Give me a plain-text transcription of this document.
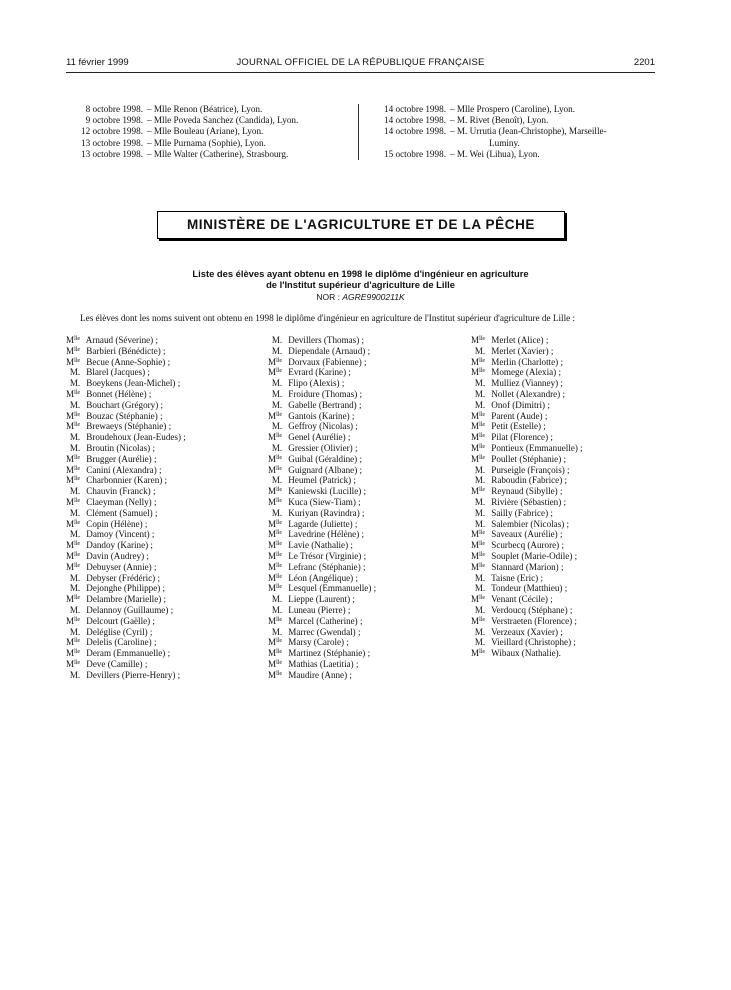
11 février 1999	JOURNAL OFFICIEL DE LA RÉPUBLIQUE FRANÇAISE	2201
8 octobre 1998. – Mlle Renon (Béatrice), Lyon.
9 octobre 1998. – Mlle Poveda Sanchez (Candida), Lyon.
12 octobre 1998. – Mlle Bouleau (Ariane), Lyon.
13 octobre 1998. – Mlle Purnama (Sophie), Lyon.
13 octobre 1998. – Mlle Walter (Catherine), Strasbourg.
14 octobre 1998. – Mlle Prospero (Caroline), Lyon.
14 octobre 1998. – M. Rivet (Benoît), Lyon.
14 octobre 1998. – M. Urrutia (Jean-Christophe), Marseille-
Luminy.
15 octobre 1998. – M. Wei (Lihua), Lyon.
MINISTÈRE DE L'AGRICULTURE ET DE LA PÊCHE
Liste des élèves ayant obtenu en 1998 le diplôme d'ingénieur en agriculture
de l'Institut supérieur d'agriculture de Lille
NOR : AGRE9900211K
Les élèves dont les noms suivent ont obtenu en 1998 le diplôme d'ingénieur en agriculture de l'Institut supérieur d'agriculture de Lille :
$M^{lle}$ Arnaud (Séverine) ;
$M^{lle}$ Barbieri (Bénédicte) ;
$M^{lle}$ Becue (Anne-Sophie) ;
M. Blarel (Jacques) ;
M. Boeykens (Jean-Michel) ;
$M^{lle}$ Bonnet (Hélène) ;
M. Bouchart (Grégory) ;
$M^{lle}$ Bouzac (Stéphanie) ;
$M^{lle}$ Brewaeys (Stéphanie) ;
M. Broudehoux (Jean-Eudes) ;
M. Broutin (Nicolas) ;
$M^{lle}$ Brugger (Aurélie) ;
$M^{lle}$ Canini (Alexandra) ;
$M^{lle}$ Charbonnier (Karen) ;
M. Chauvin (Franck) ;
$M^{lle}$ Claeyman (Nelly) ;
M. Clément (Samuel) ;
$M^{lle}$ Copin (Hélène) ;
M. Damoy (Vincent) ;
$M^{lle}$ Dandoy (Karine) ;
$M^{lle}$ Davin (Audrey) ;
$M^{lle}$ Debuyser (Annie) ;
M. Debyser (Frédéric) ;
M. Dejonghe (Philippe) ;
$M^{lle}$ Delambre (Marielle) ;
M. Delannoy (Guillaume) ;
$M^{lle}$ Delcourt (Gaëlle) ;
M. Deléglise (Cyril) ;
$M^{lle}$ Delelis (Caroline) ;
$M^{lle}$ Deram (Emmanuelle) ;
$M^{lle}$ Deve (Camille) ;
M. Devillers (Pierre-Henry) ;
M. Devillers (Thomas) ;
M. Diependale (Arnaud) ;
$M^{lle}$ Dorvaux (Fabienne) ;
$M^{lle}$ Evrard (Karine) ;
M. Flipo (Alexis) ;
M. Froidure (Thomas) ;
M. Gabelle (Bertrand) ;
$M^{lle}$ Gantois (Karine) ;
M. Geffroy (Nicolas) ;
$M^{lle}$ Genel (Aurélie) ;
M. Gressier (Olivier) ;
$M^{lle}$ Guibal (Géraldine) ;
$M^{lle}$ Guignard (Albane) ;
M. Heumel (Patrick) ;
$M^{lle}$ Kaniewski (Lucille) ;
$M^{lle}$ Kuca (Siew-Tiam) ;
M. Kuriyan (Ravindra) ;
$M^{lle}$ Lagarde (Juliette) ;
$M^{lle}$ Lavedrine (Hélène) ;
$M^{lle}$ Lavie (Nathalie) ;
$M^{lle}$ Le Trésor (Virginie) ;
$M^{lle}$ Lefranc (Stéphanie) ;
$M^{lle}$ Léon (Angélique) ;
$M^{lle}$ Lesquel (Emmanuelle) ;
M. Lieppe (Laurent) ;
M. Luneau (Pierre) ;
$M^{lle}$ Marcel (Catherine) ;
M. Marrec (Gwendal) ;
$M^{lle}$ Marsy (Carole) ;
$M^{lle}$ Martinez (Stéphanie) ;
$M^{lle}$ Mathias (Laetitia) ;
$M^{lle}$ Maudire (Anne) ;
$M^{lle}$ Merlet (Alice) ;
M. Merlet (Xavier) ;
$M^{lle}$ Merlin (Charlotte) ;
$M^{lle}$ Momege (Alexia) ;
M. Mulliez (Vianney) ;
M. Nollet (Alexandre) ;
M. Onof (Dimitri) ;
$M^{lle}$ Parent (Aude) ;
$M^{lle}$ Petit (Estelle) ;
$M^{lle}$ Pilat (Florence) ;
$M^{lle}$ Pontieux (Emmanuelle) ;
$M^{lle}$ Poullet (Stéphanie) ;
M. Purseigle (François) ;
M. Raboudin (Fabrice) ;
$M^{lle}$ Reynaud (Sibylle) ;
M. Rivière (Sébastien) ;
M. Sailly (Fabrice) ;
M. Salembier (Nicolas) ;
$M^{lle}$ Saveaux (Aurélie) ;
$M^{lle}$ Scurbecq (Aurore) ;
$M^{lle}$ Souplet (Marie-Odile) ;
$M^{lle}$ Stannard (Marion) ;
M. Taisne (Eric) ;
M. Tondeur (Matthieu) ;
$M^{lle}$ Venant (Cécile) ;
M. Verdoucq (Stéphane) ;
$M^{lle}$ Verstraeten (Florence) ;
M. Verzeaux (Xavier) ;
M. Vieillard (Christophe) ;
$M^{lle}$ Wibaux (Nathalie).
